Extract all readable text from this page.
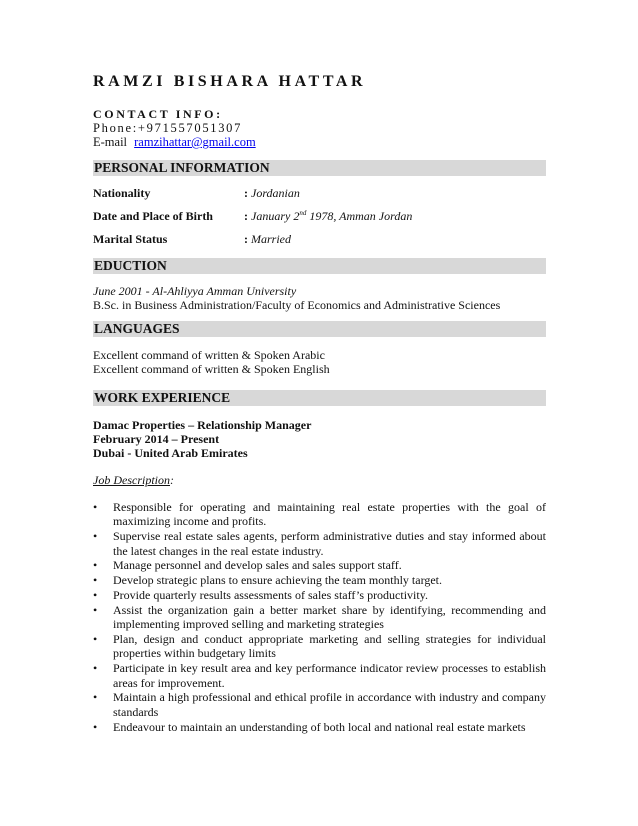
RAMZI BISHARA HATTAR
CONTACT INFO:
Phone:+971557051307
E-mail ramzihattar@gmail.com
PERSONAL INFORMATION
Nationality	: Jordanian
Date and Place of Birth	: January 2nd 1978, Amman Jordan
Marital Status	: Married
EDUCTION
June 2001 - Al-Ahliyya Amman University
B.Sc. in Business Administration/Faculty of Economics and Administrative Sciences
LANGUAGES
Excellent command of written & Spoken Arabic
Excellent command of written & Spoken English
WORK EXPERIENCE
Damac Properties – Relationship Manager
February 2014 – Present
Dubai - United Arab Emirates
Job Description:
• Responsible for operating and maintaining real estate properties with the goal of maximizing income and profits.
• Supervise real estate sales agents, perform administrative duties and stay informed about the latest changes in the real estate industry.
• Manage personnel and develop sales and sales support staff.
• Develop strategic plans to ensure achieving the team monthly target.
• Provide quarterly results assessments of sales staff’s productivity.
• Assist the organization gain a better market share by identifying, recommending and implementing improved selling and marketing strategies
• Plan, design and conduct appropriate marketing and selling strategies for individual properties within budgetary limits
• Participate in key result area and key performance indicator review processes to establish areas for improvement.
• Maintain a high professional and ethical profile in accordance with industry and company standards
• Endeavour to maintain an understanding of both local and national real estate markets
